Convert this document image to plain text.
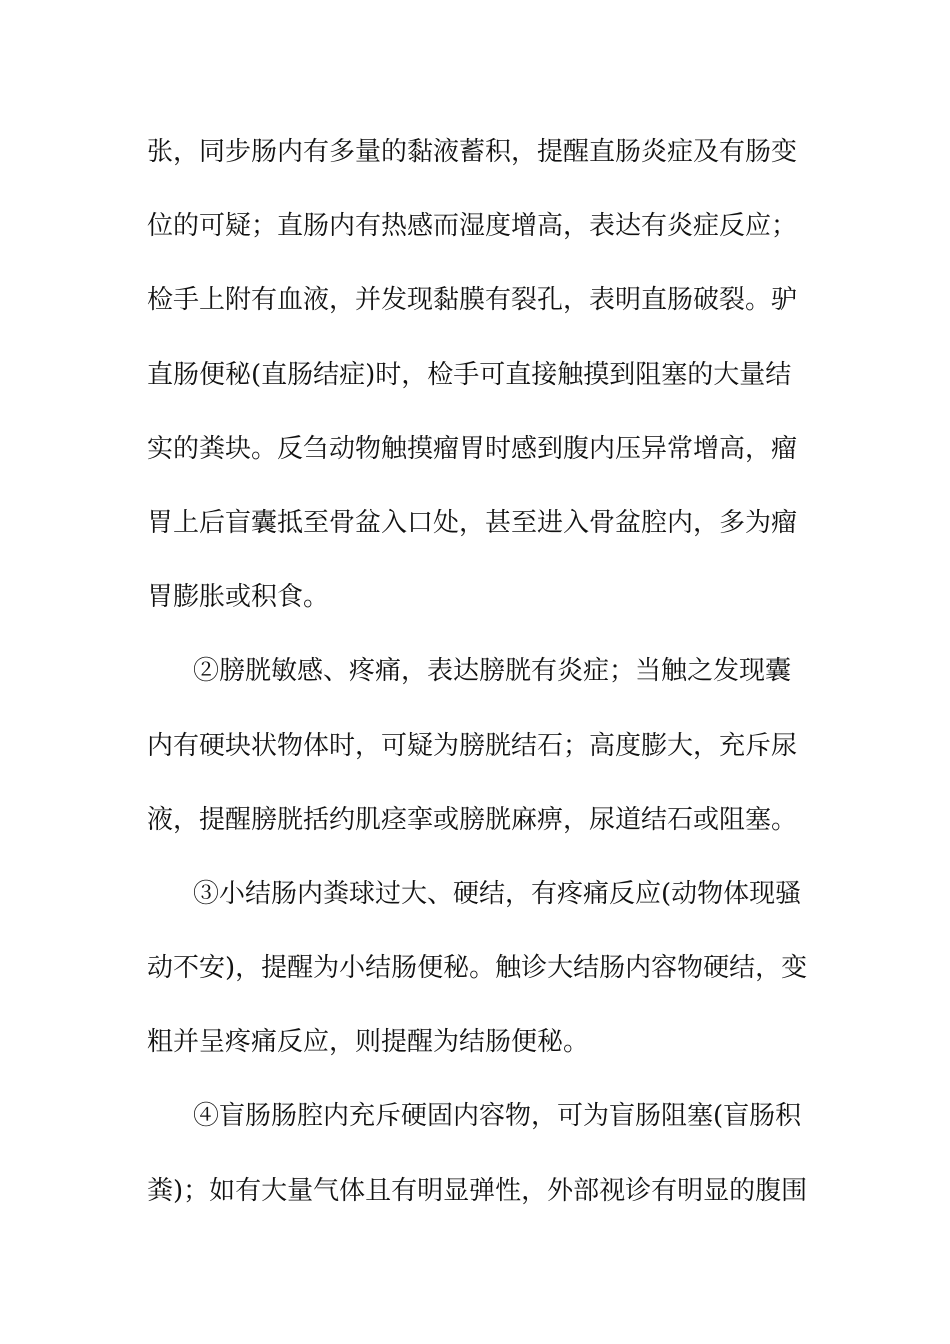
张，同步肠内有多量的黏液蓄积，提醒直肠炎症及有肠变
位的可疑；直肠内有热感而湿度增高，表达有炎症反应；
检手上附有血液，并发现黏膜有裂孔，表明直肠破裂。驴
直肠便秘(直肠结症)时，检手可直接触摸到阻塞的大量结
实的粪块。反刍动物触摸瘤胃时感到腹内压异常增高，瘤
胃上后盲囊抵至骨盆入口处，甚至进入骨盆腔内，多为瘤
胃膨胀或积食。
②膀胱敏感、疼痛，表达膀胱有炎症；当触之发现囊
内有硬块状物体时，可疑为膀胱结石；高度膨大，充斥尿
液，提醒膀胱括约肌痉挛或膀胱麻痹，尿道结石或阻塞。
③小结肠内粪球过大、硬结，有疼痛反应(动物体现骚
动不安)，提醒为小结肠便秘。触诊大结肠内容物硬结，变
粗并呈疼痛反应，则提醒为结肠便秘。
④盲肠肠腔内充斥硬固内容物，可为盲肠阻塞(盲肠积
粪)；如有大量气体且有明显弹性，外部视诊有明显的腹围
